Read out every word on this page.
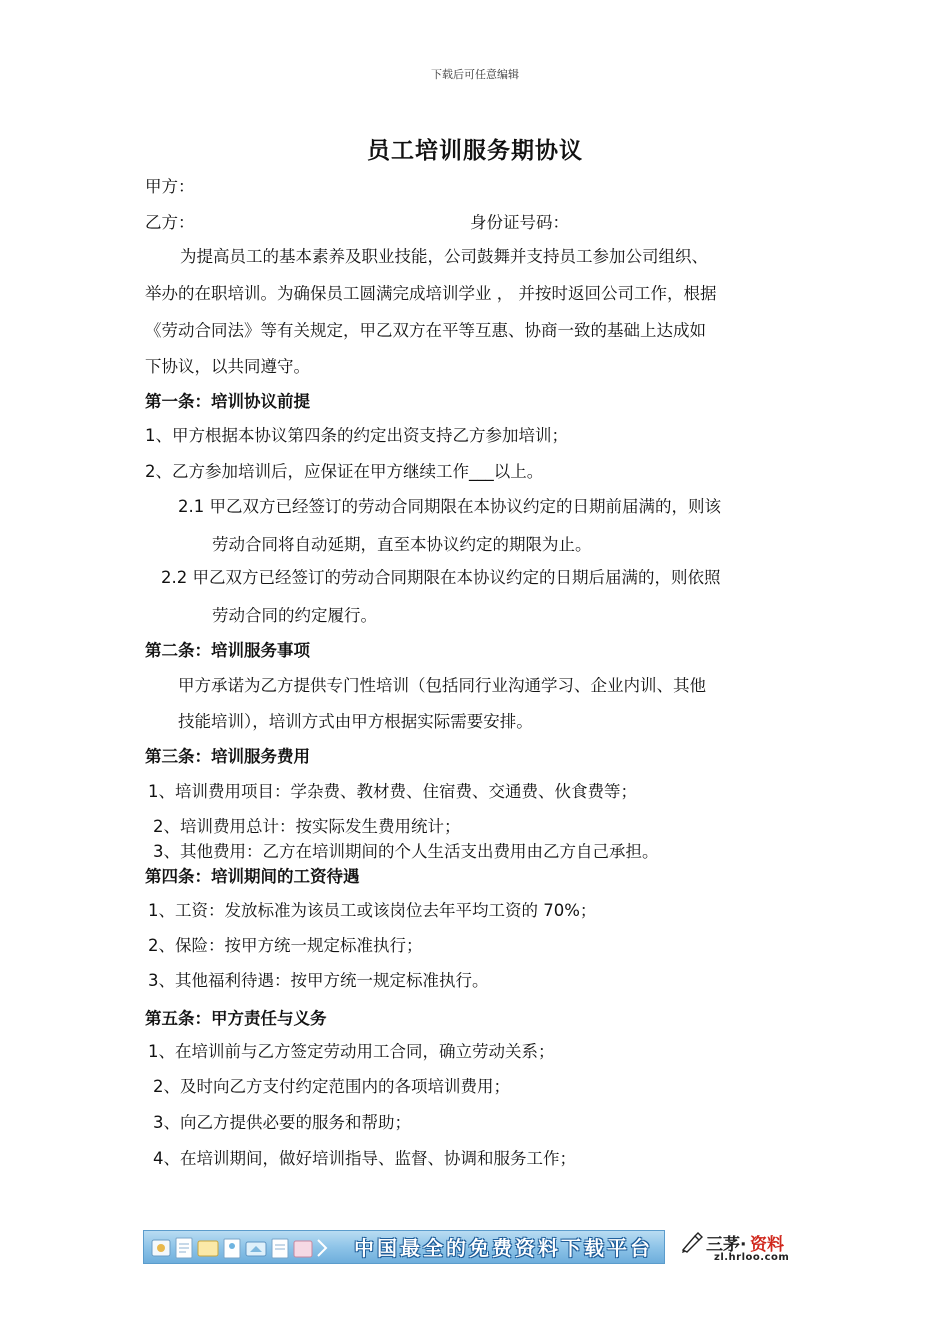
下载后可任意编辑
员工培训服务期协议
甲方：
乙方：	身份证号码：
为提高员工的基本素养及职业技能，公司鼓舞并支持员工参加公司组织、
举办的在职培训。为确保员工圆满完成培训学业 ， 并按时返回公司工作，根据
《劳动合同法》等有关规定，甲乙双方在平等互惠、协商一致的基础上达成如
下协议，以共同遵守。
第一条：培训协议前提
1、甲方根据本协议第四条的约定出资支持乙方参加培训；
2、乙方参加培训后，应保证在甲方继续工作___以上。
2.1 甲乙双方已经签订的劳动合同期限在本协议约定的日期前届满的，则该
劳动合同将自动延期，直至本协议约定的期限为止。
2.2 甲乙双方已经签订的劳动合同期限在本协议约定的日期后届满的，则依照
劳动合同的约定履行。
第二条：培训服务事项
甲方承诺为乙方提供专门性培训（包括同行业沟通学习、企业内训、其他
技能培训），培训方式由甲方根据实际需要安排。
第三条：培训服务费用
1、培训费用项目：学杂费、教材费、住宿费、交通费、伙食费等；
2、培训费用总计：按实际发生费用统计；
3、其他费用：乙方在培训期间的个人生活支出费用由乙方自己承担。
第四条：培训期间的工资待遇
1、工资：发放标准为该员工或该岗位去年平均工资的 70%；
2、保险：按甲方统一规定标准执行；
3、其他福利待遇：按甲方统一规定标准执行。
第五条：甲方责任与义务
1、在培训前与乙方签定劳动用工合同，确立劳动关系；
2、及时向乙方支付约定范围内的各项培训费用；
3、向乙方提供必要的服务和帮助；
4、在培训期间，做好培训指导、监督、协调和服务工作；
中国最全的免费资料下载平台	三茅· 资料
zl.hrloo.com
